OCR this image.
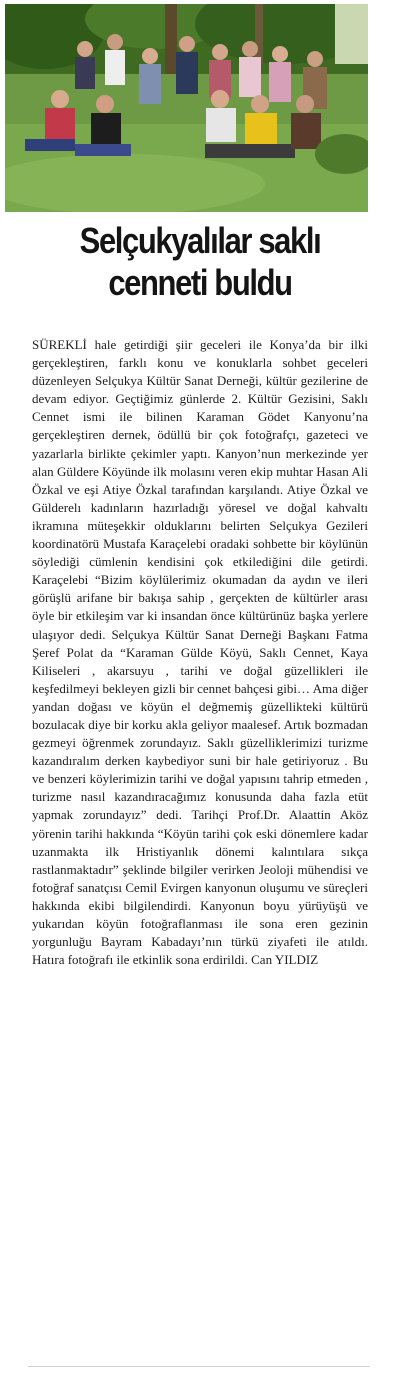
Selçukyalılar saklı
cenneti buldu

SÜREKLİ hale getirdiği şiir geceleri ile Konya’da bir ilki gerçekleştiren, farklı konu ve konuklarla sohbet geceleri düzenleyen Selçukya Kültür Sanat Derneği, kültür gezilerine de devam ediyor. Geçtiğimiz günlerde 2. Kültür Gezisini, Saklı Cennet ismi ile bilinen Karaman Gödet Kanyonu’na gerçekleştiren dernek, ödüllü bir çok fotoğrafçı, gazeteci ve yazarlarla birlikte çekimler yaptı. Kanyon’nun merkezinde yer alan Güldere Köyünde ilk molasını veren ekip muhtar Hasan Ali Özkal ve eşi Atiye Özkal tarafından karşılandı. Atiye Özkal ve Gülderelı kadınların hazırladığı yöresel ve doğal kahvaltı ikramına müteşekkir olduklarını belirten Selçukya Gezileri koordinatörü Mustafa Karaçelebi oradaki sohbette bir köylünün söylediği cümlenin kendisini çok etkilediğini dile getirdi. Karaçelebi “Bizim köylülerimiz okumadan da aydın ve ileri görüşlü arifane bir bakışa sahip , gerçekten de kültürler arası öyle bir etkileşim var ki insandan önce kültürünüz başka yerlere ulaşıyor dedi. Selçukya Kültür Sanat Derneği Başkanı Fatma Şeref Polat da “Karaman Gülde Köyü, Saklı Cennet, Kaya Kiliseleri , akarsuyu , tarihi ve doğal güzellikleri ile keşfedilmeyi bekleyen gizli bir cennet bahçesi gibi… Ama diğer yandan doğası ve köyün el değmemiş güzellikteki kültürü bozulacak diye bir korku akla geliyor maalesef. Artık bozmadan gezmeyi öğrenmek zorundayız. Saklı güzelliklerimizi turizme kazandıralım derken kaybediyor suni bir hale getiriyoruz . Bu ve benzeri köylerimizin tarihi ve doğal yapısını tahrip etmeden , turizme nasıl kazandıracağımız konusunda daha fazla etüt yapmak zorundayız” dedi. Tarihçi Prof.Dr. Alaattin Aköz yörenin tarihi hakkında “Köyün tarihi çok eski dönemlere kadar uzanmakta ilk Hristiyanlık dönemi kalıntılara sıkça rastlanmaktadır” şeklinde bilgiler verirken Jeoloji mühendisi ve fotoğraf sanatçısı Cemil Evirgen kanyonun oluşumu ve süreçleri hakkında ekibi bilgilendirdi. Kanyonun boyu yürüyüşü ve yukarıdan köyün fotoğraflanması ile sona eren gezinin yorgunluğu Bayram Kabadayı’nın türkü ziyafeti ile atıldı. Hatıra fotoğrafı ile etkinlik sona erdirildi. Can YILDIZ
